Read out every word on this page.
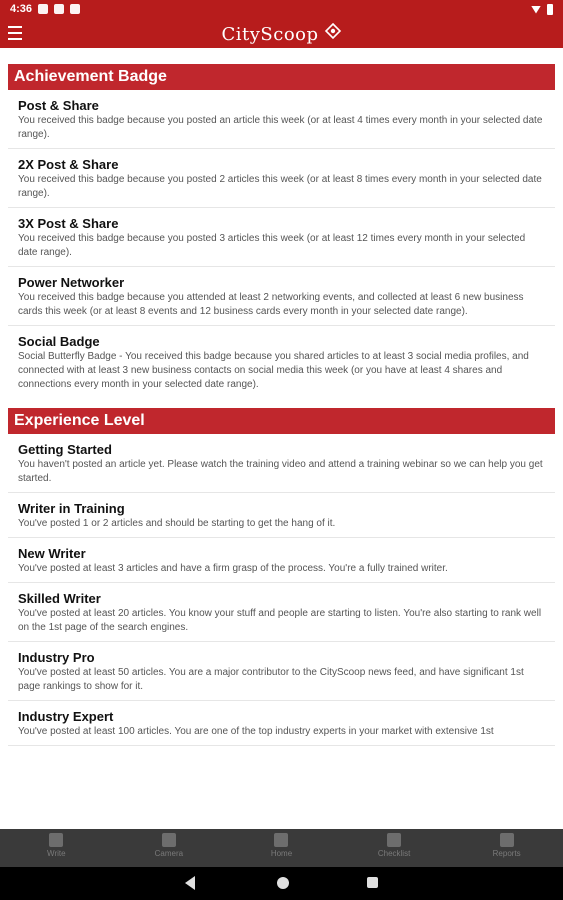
4:36
CityScoop
Achievement Badge
Post & Share
You received this badge because you posted an article this week (or at least 4 times every month in your selected date range).
2X Post & Share
You received this badge because you posted 2 articles this week (or at least 8 times every month in your selected date range).
3X Post & Share
You received this badge because you posted 3 articles this week (or at least 12 times every month in your selected date range).
Power Networker
You received this badge because you attended at least 2 networking events, and collected at least 6 new business cards this week (or at least 8 events and 12 business cards every month in your selected date range).
Social Badge
Social Butterfly Badge - You received this badge because you shared articles to at least 3 social media profiles, and connected with at least 3 new business contacts on social media this week (or you have at least 4 shares and connections every month in your selected date range).
Experience Level
Getting Started
You haven't posted an article yet. Please watch the training video and attend a training webinar so we can help you get started.
Writer in Training
You've posted 1 or 2 articles and should be starting to get the hang of it.
New Writer
You've posted at least 3 articles and have a firm grasp of the process. You're a fully trained writer.
Skilled Writer
You've posted at least 20 articles. You know your stuff and people are starting to listen. You're also starting to rank well on the 1st page of the search engines.
Industry Pro
You've posted at least 50 articles. You are a major contributor to the CityScoop news feed, and have significant 1st page rankings to show for it.
Industry Expert
You've posted at least 100 articles. You are one of the top industry experts in your market with extensive 1st
Write	Camera	Home	Checklist	Reports
